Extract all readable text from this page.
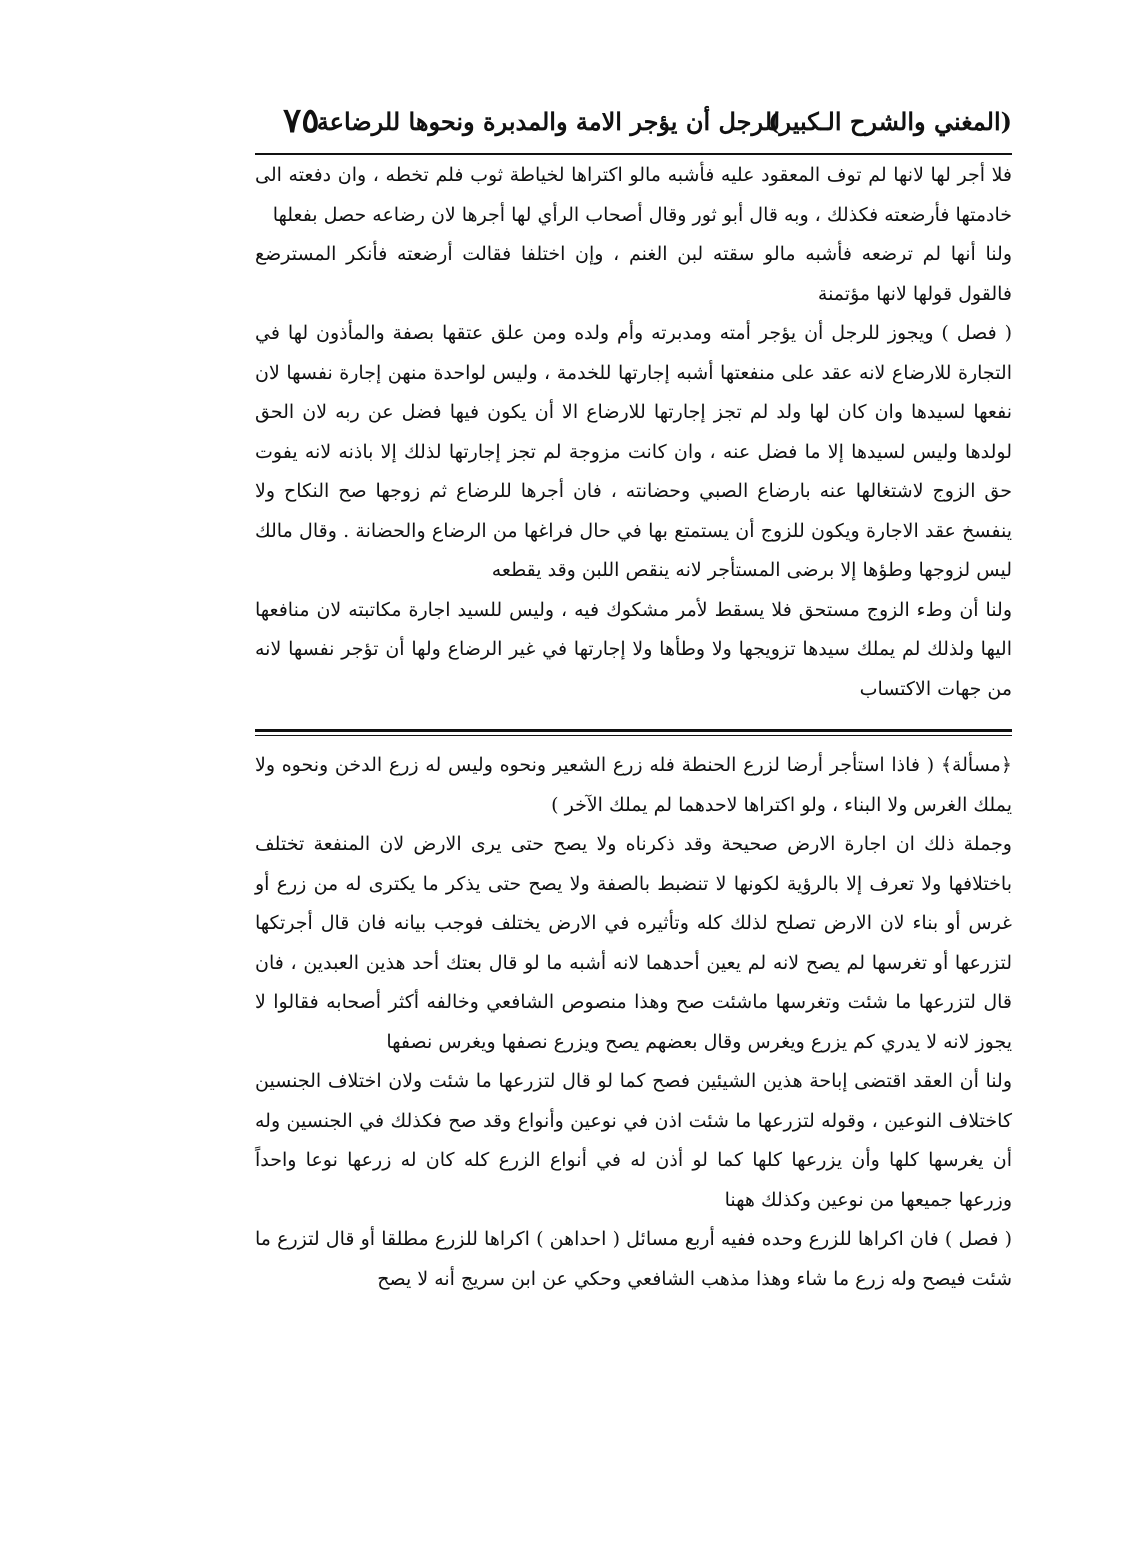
(المغني والشرح الـكبير)
للرجل أن يؤجر الامة والمدبرة ونحوها للرضاعة
٧٥

فلا أجر لها لانها لم توف المعقود عليه فأشبه مالو اكتراها لخياطة ثوب فلم تخطه ، وان دفعته الى خادمتها فأرضعته فكذلك ، وبه قال أبو ثور وقال أصحاب الرأي لها أجرها لان رضاعه حصل بفعلها

ولنا أنها لم ترضعه فأشبه مالو سقته لبن الغنم ، وإن اختلفا فقالت أرضعته فأنكر المسترضع فالقول قولها لانها مؤتمنة

( فصل ) ويجوز للرجل أن يؤجر أمته ومدبرته وأم ولده ومن علق عتقها بصفة والمأذون لها في التجارة للارضاع لانه عقد على منفعتها أشبه إجارتها للخدمة ، وليس لواحدة منهن إجارة نفسها لان نفعها لسيدها وان كان لها ولد لم تجز إجارتها للارضاع الا أن يكون فيها فضل عن ربه لان الحق لولدها وليس لسيدها إلا ما فضل عنه ، وان كانت مزوجة لم تجز إجارتها لذلك إلا باذنه لانه يفوت حق الزوج لاشتغالها عنه بارضاع الصبي وحضانته ، فان أجرها للرضاع ثم زوجها صح النكاح ولا ينفسخ عقد الاجارة ويكون للزوج أن يستمتع بها في حال فراغها من الرضاع والحضانة . وقال مالك ليس لزوجها وطؤها إلا برضى المستأجر لانه ينقص اللبن وقد يقطعه

ولنا أن وطء الزوج مستحق فلا يسقط لأمر مشكوك فيه ، وليس للسيد اجارة مكاتبته لان منافعها اليها ولذلك لم يملك سيدها تزويجها ولا وطأها ولا إجارتها في غير الرضاع ولها أن تؤجر نفسها لانه من جهات الاكتساب

﴿مسألة﴾ ( فاذا استأجر أرضا لزرع الحنطة فله زرع الشعير ونحوه وليس له زرع الدخن ونحوه ولا يملك الغرس ولا البناء ، ولو اكتراها لاحدهما لم يملك الآخر )

وجملة ذلك ان اجارة الارض صحيحة وقد ذكرناه ولا يصح حتى يرى الارض لان المنفعة تختلف باختلافها ولا تعرف إلا بالرؤية لكونها لا تنضبط بالصفة ولا يصح حتى يذكر ما يكترى له من زرع أو غرس أو بناء لان الارض تصلح لذلك كله وتأثيره في الارض يختلف فوجب بيانه فان قال أجرتكها لتزرعها أو تغرسها لم يصح لانه لم يعين أحدهما لانه أشبه ما لو قال بعتك أحد هذين العبدين ، فان قال لتزرعها ما شئت وتغرسها ماشئت صح وهذا منصوص الشافعي وخالفه أكثر أصحابه فقالوا لا يجوز لانه لا يدري كم يزرع ويغرس وقال بعضهم يصح ويزرع نصفها ويغرس نصفها

ولنا أن العقد اقتضى إباحة هذين الشيئين فصح كما لو قال لتزرعها ما شئت ولان اختلاف الجنسين كاختلاف النوعين ، وقوله لتزرعها ما شئت اذن في نوعين وأنواع وقد صح فكذلك في الجنسين وله أن يغرسها كلها وأن يزرعها كلها كما لو أذن له في أنواع الزرع كله كان له زرعها نوعا واحداً وزرعها جميعها من نوعين وكذلك ههنا

( فصل ) فان اكراها للزرع وحده ففيه أربع مسائل ( احداهن ) اكراها للزرع مطلقا أو قال لتزرع ما شئت فيصح وله زرع ما شاء وهذا مذهب الشافعي وحكي عن ابن سريج أنه لا يصح
